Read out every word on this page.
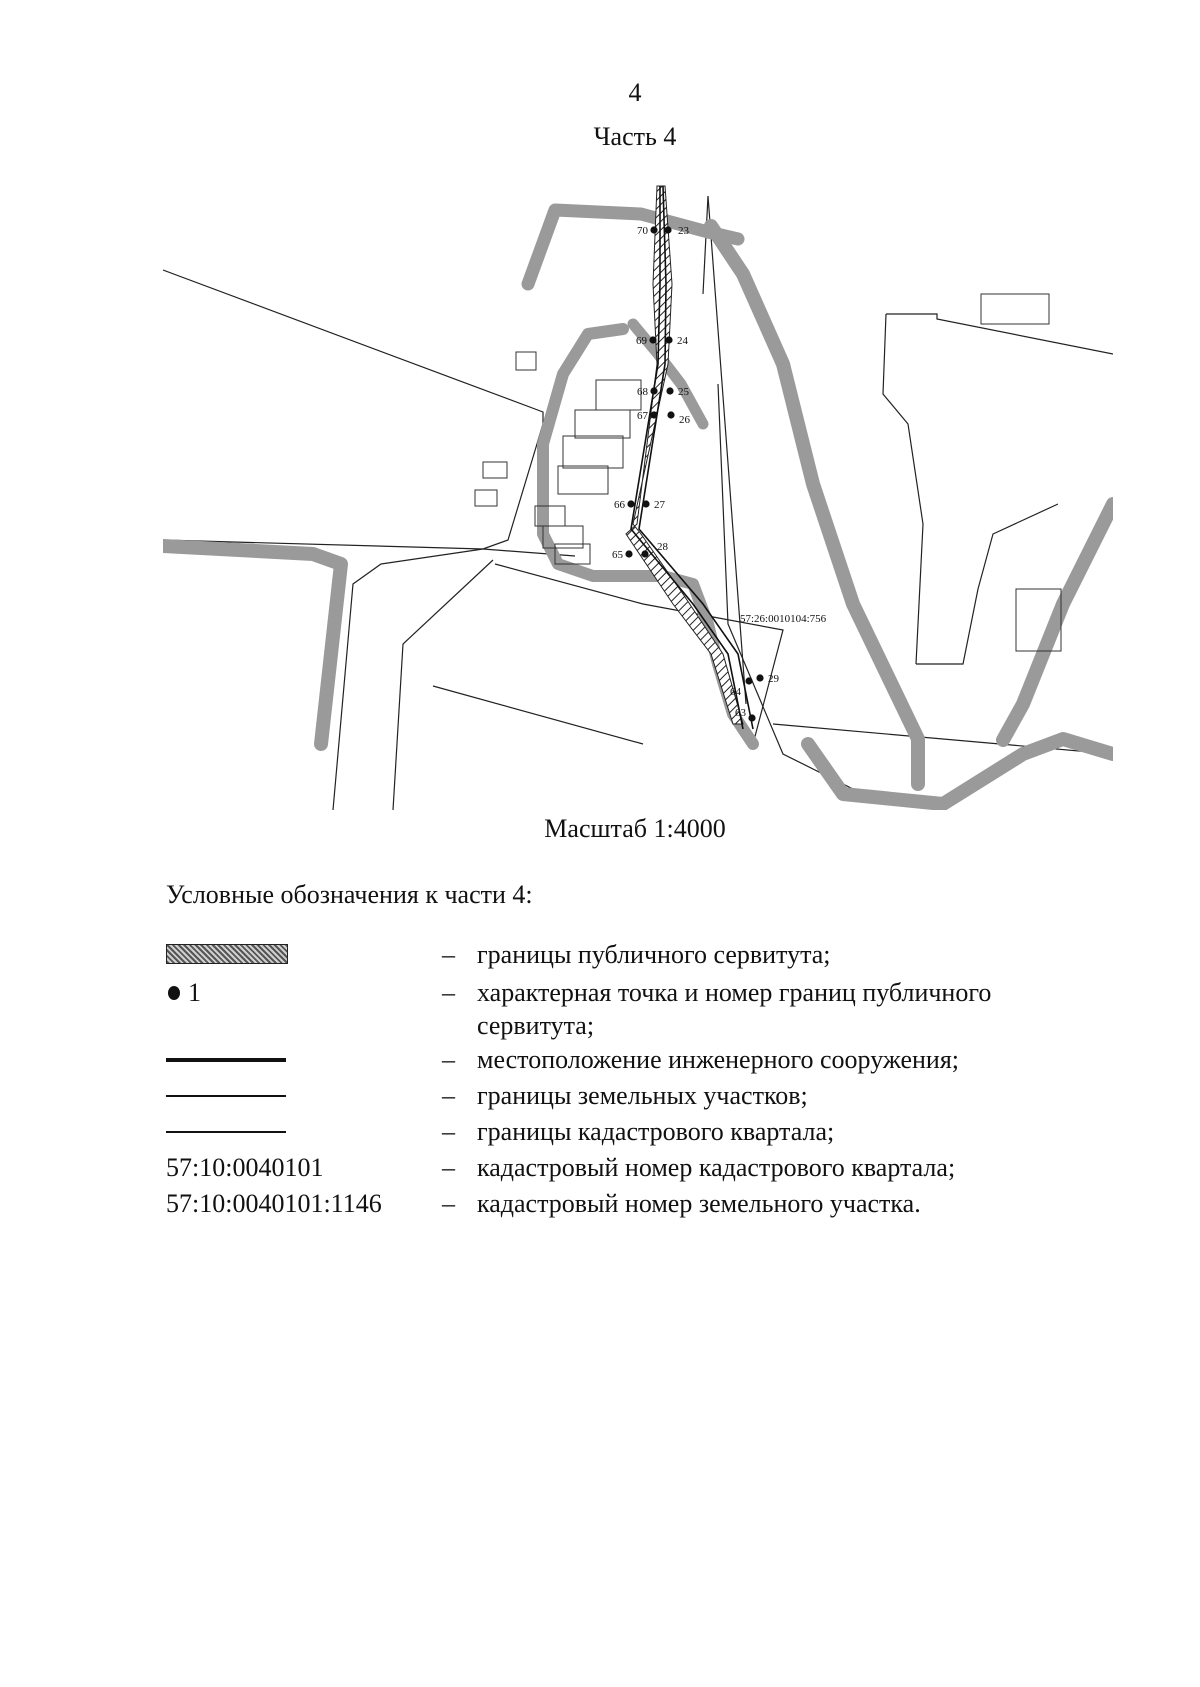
4
Часть 4
23
70
24
69
25
68
26
67
27
66
28
65
29
64
63
57:26:0010104:756
Масштаб 1:4000
Условные обозначения к части 4:
– границы публичного сервитута;
1	– характерная точка и номер границ публичного сервитута;
– местоположение инженерного сооружения;
– границы земельных участков;
– границы кадастрового квартала;
57:10:0040101	– кадастровый номер кадастрового квартала;
57:10:0040101:1146 – кадастровый номер земельного участка.
